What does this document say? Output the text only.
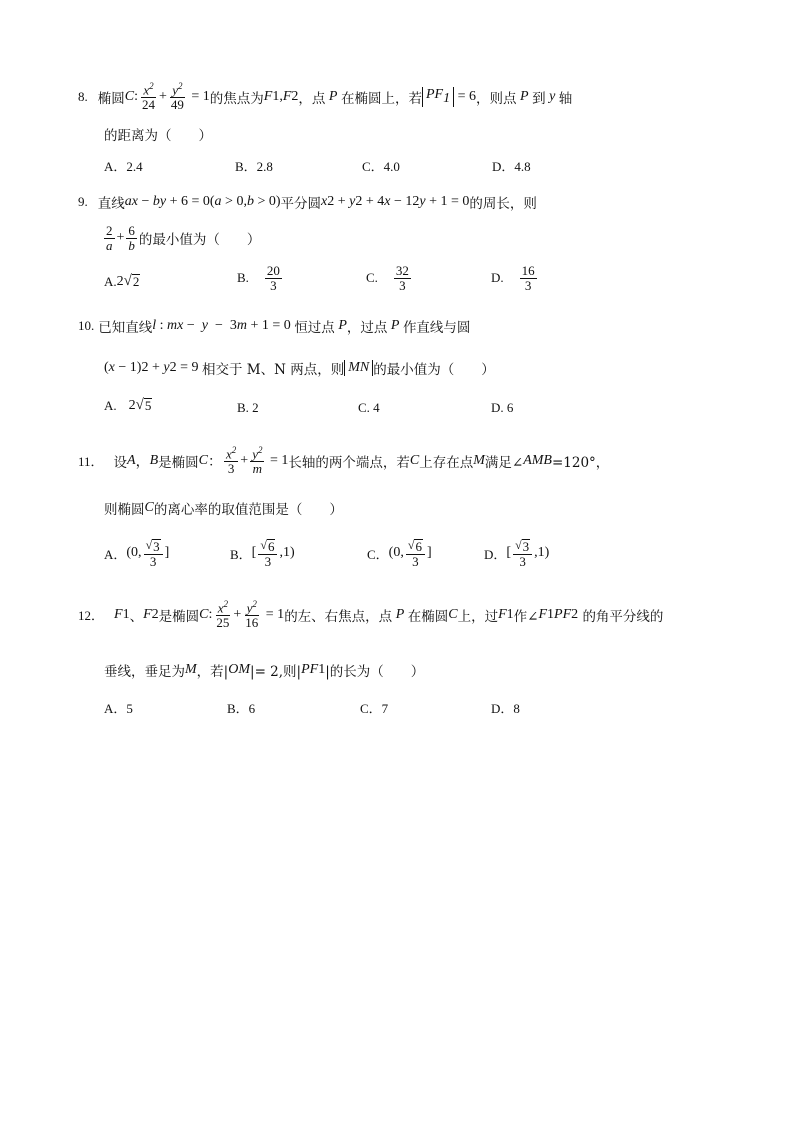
8. 椭圆 C : $\frac{x^2}{24} + \frac{y^2}{49} = 1$ 的焦点为 F 1 , F 2 ，点 P 在椭圆上，若 $PF_1 = 6$ ，则点 P 到 y 轴
的距离为（　　）
A．2.4	B．2.8	C．4.0	D．4.8
9. 直线 ax − by + 6 = 0( a > 0, b > 0) 平分圆 x 2 + y 2 + 4 x − 12 y + 1 = 0 的周长，则
$\frac{2}{a} + \frac{6}{b}$ 的最小值为（　　）
A. 2 √ 2	B. $\frac{20}{3}$	C. $\frac{32}{3}$	D. $\frac{16}{3}$
10. 已知直线 l : mx − y −  3 m + 1 = 0 恒过点 P ，过点 P 作直线与圆
( x − 1) 2 + y 2 = 9 相交于 M、N 两点，则 MN 的最小值为（　　）
A. 2 √ 5	B. 2	C. 4	D. 6
11． 设 A ， B 是椭圆 C ： $\frac{x^2}{3} + \frac{y^2}{m} = 1$ 长轴的两个端点，若 C 上存在点 M 满足∠ AMB =120°，
则椭圆 C 的离心率的取值范围是（　　）
A． (0, $\frac{√ 3}{3}$ ]	B． [ $\frac{√ 6}{3} ,1$)	C． (0, $\frac{√ 6}{3}$ ]	D． [ $\frac{√ 3}{3} ,1$)
12． F 1 、 F 2 是椭圆 C : $\frac{x^2}{25} + \frac{y^2}{16} = 1$ 的左、右焦点，点 P 在椭圆 C 上，过 F 1 作∠ F 1 PF 2
的角平分线的
垂线，垂足为 M ，若| OM |= 2,则| PF 1 |的长为（　　）
A．5	B．6	C．7	D．8
